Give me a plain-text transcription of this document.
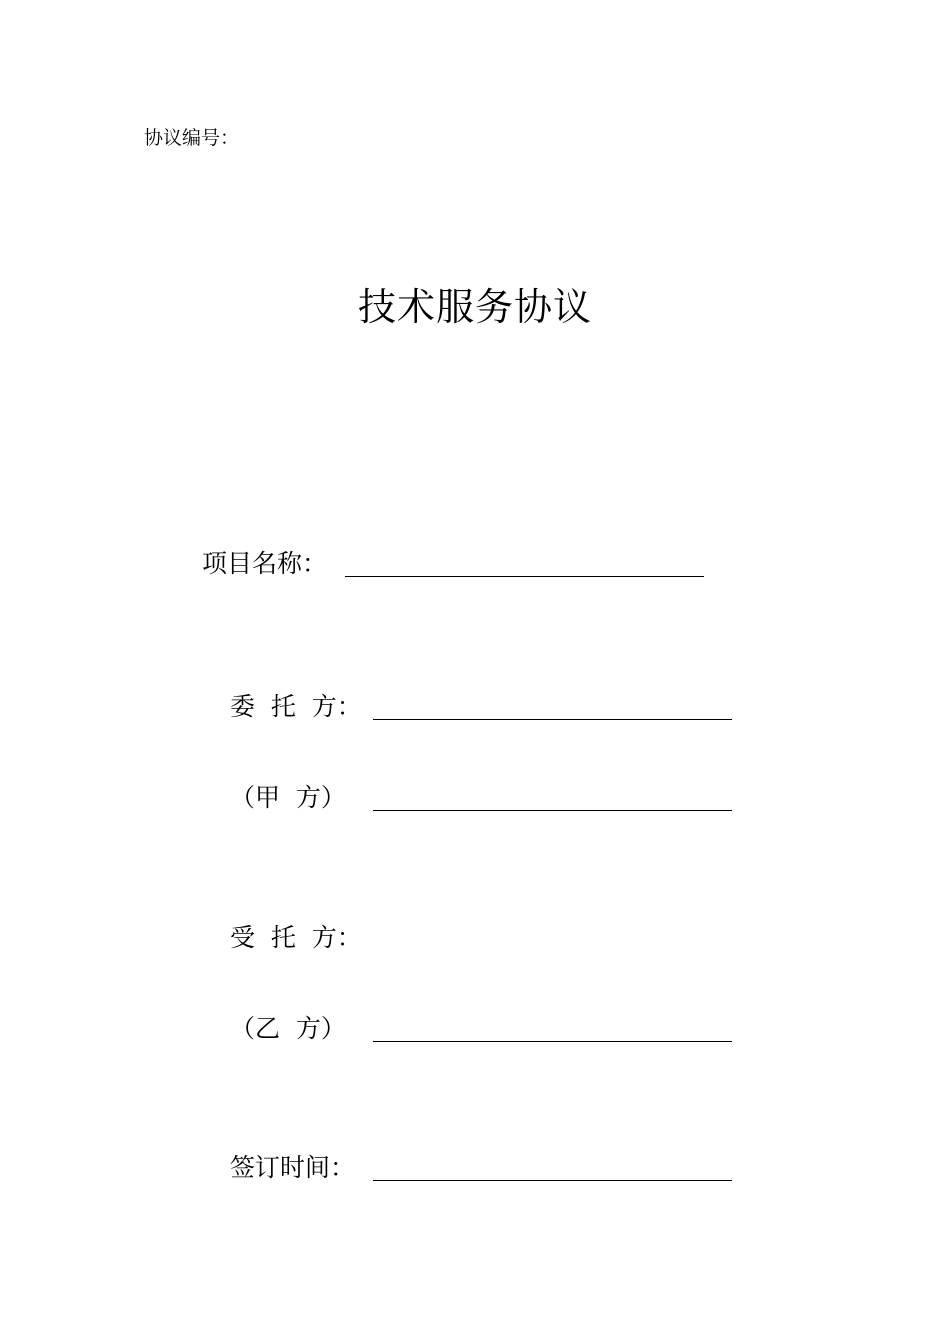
协议编号：
技术服务协议
项目名称：
委  托  方：
（甲  方）
受  托  方：
（乙  方）
签订时间：
